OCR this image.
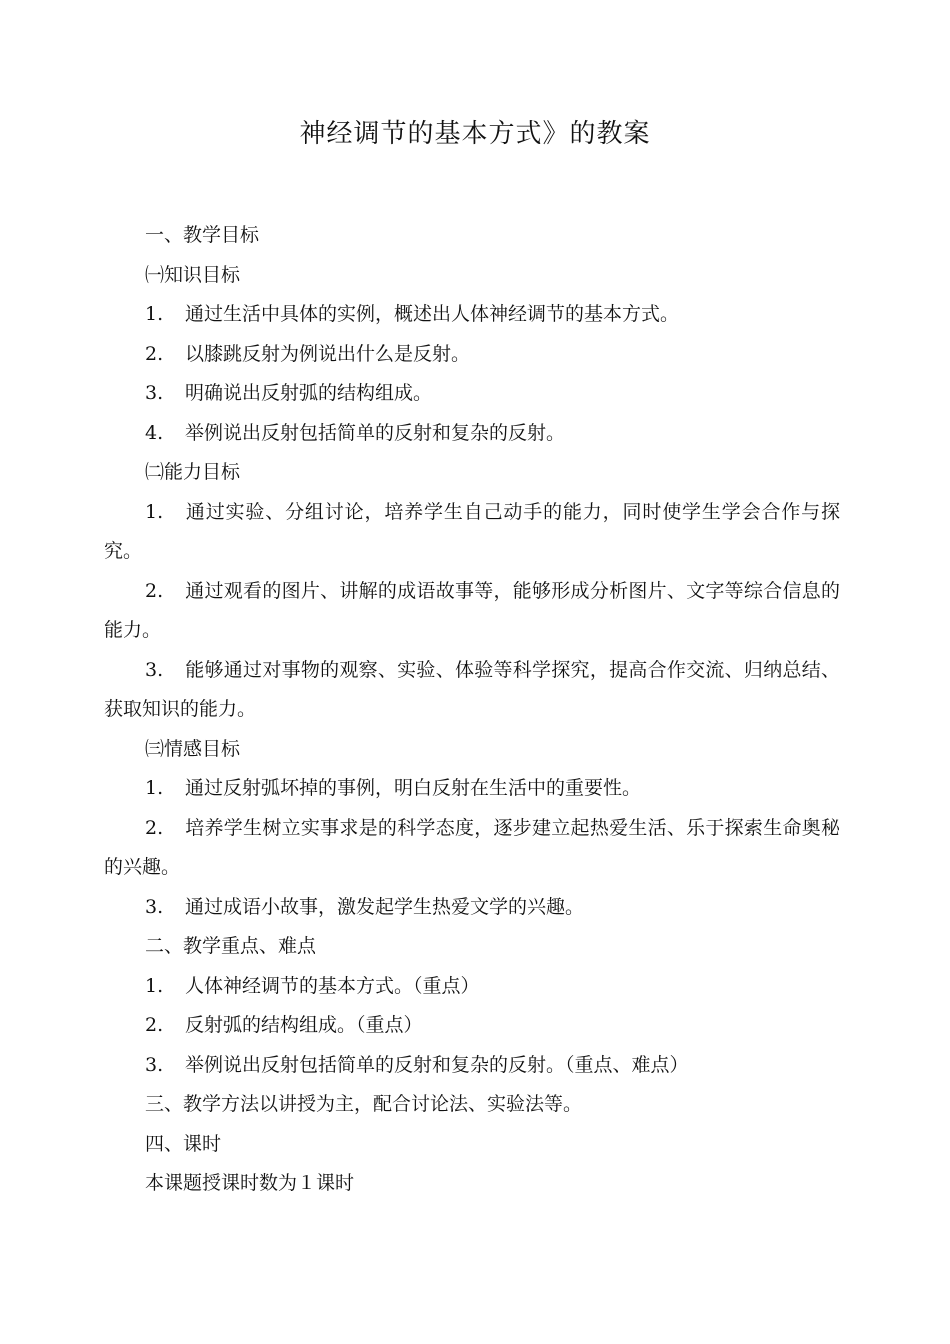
神经调节的基本方式》的教案

一、教学目标

㈠知识目标

1. 通过生活中具体的实例，概述出人体神经调节的基本方式。

2. 以膝跳反射为例说出什么是反射。

3. 明确说出反射弧的结构组成。

4. 举例说出反射包括简单的反射和复杂的反射。

㈡能力目标

1. 通过实验、分组讨论，培养学生自己动手的能力，同时使学生学会合作与探究。

2. 通过观看的图片、讲解的成语故事等，能够形成分析图片、文字等综合信息的能力。

3. 能够通过对事物的观察、实验、体验等科学探究，提高合作交流、归纳总结、获取知识的能力。

㈢情感目标

1. 通过反射弧坏掉的事例，明白反射在生活中的重要性。

2. 培养学生树立实事求是的科学态度，逐步建立起热爱生活、乐于探索生命奥秘的兴趣。

3. 通过成语小故事，激发起学生热爱文学的兴趣。

二、教学重点、难点

1. 人体神经调节的基本方式。（重点）

2. 反射弧的结构组成。（重点）

3. 举例说出反射包括简单的反射和复杂的反射。（重点、难点）

三、教学方法以讲授为主，配合讨论法、实验法等。

四、课时

本课题授课时数为１课时
